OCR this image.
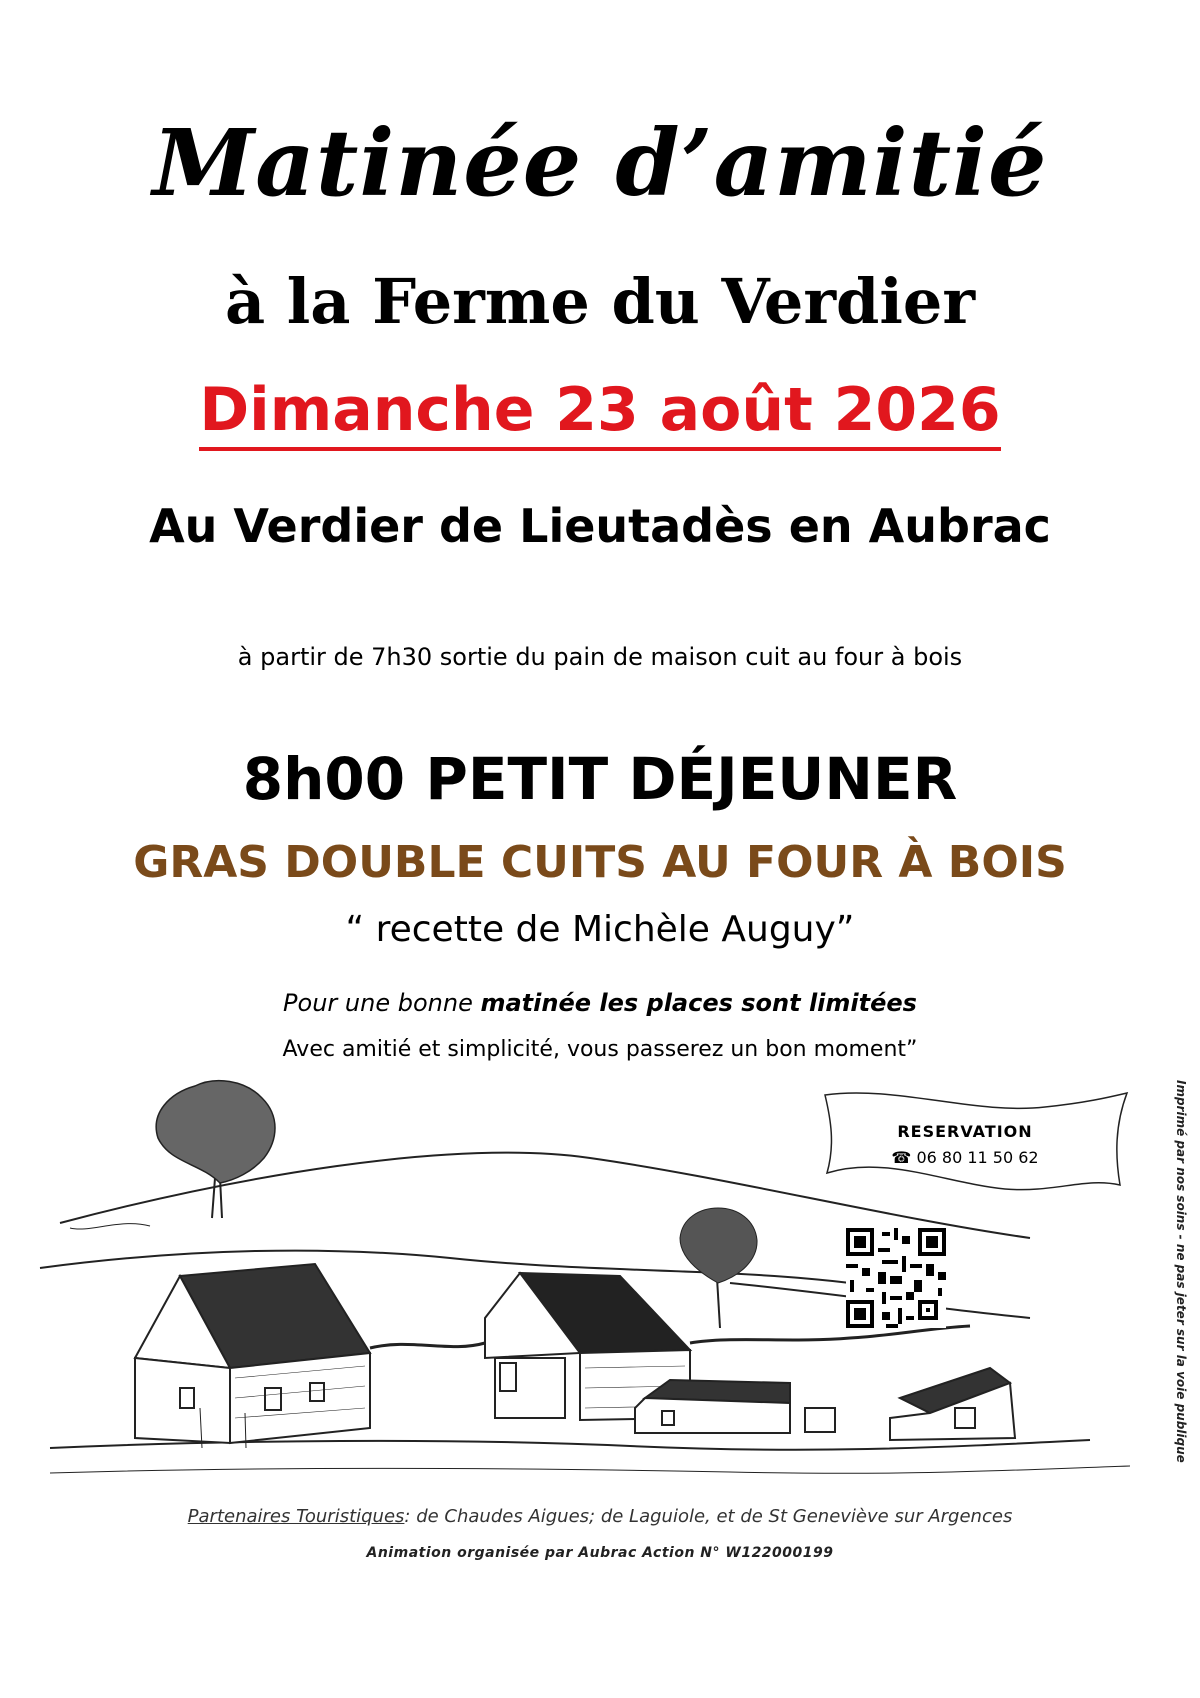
Matinée d’amitié
à la Ferme du Verdier
Dimanche 23 août 2026
Au Verdier de Lieutadès en Aubrac
à partir de 7h30 sortie du pain de maison cuit au four à bois
8h00 PETIT DÉJEUNER
GRAS DOUBLE CUITS AU FOUR À BOIS
“ recette de Michèle Auguy”
Pour une bonne matinée les places sont limitées
Avec amitié et simplicité, vous passerez un bon moment”
RESERVATION
☎ 06 80 11 50 62	Imprimé par nos soins - ne pas jeter sur la voie publique
Partenaires Touristiques: de Chaudes Aigues; de Laguiole, et de St Geneviève sur Argences
Animation organisée par Aubrac Action N° W122000199
